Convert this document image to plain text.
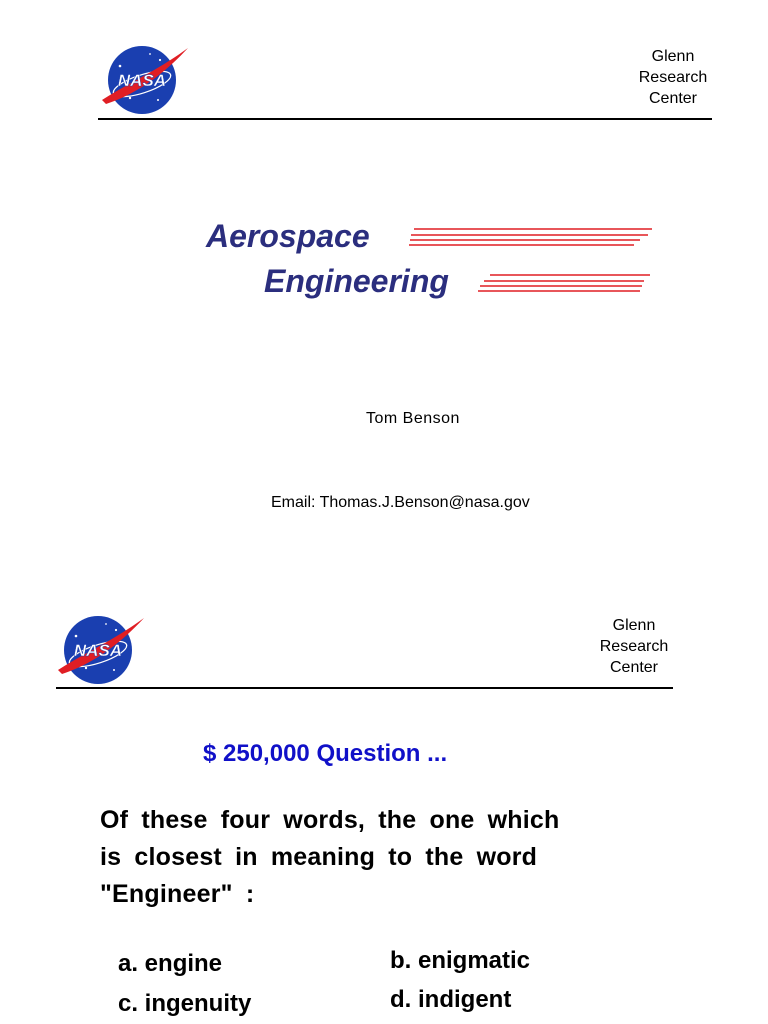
NASA
Glenn
Research
Center
Aerospace
Engineering
Tom Benson
Email: Thomas.J.Benson@nasa.gov
NASA
Glenn
Research
Center
$ 250,000 Question ...
Of these four words, the one which
is closest in meaning to the word
"Engineer" :
a. engine	b. enigmatic
c. ingenuity	d. indigent
